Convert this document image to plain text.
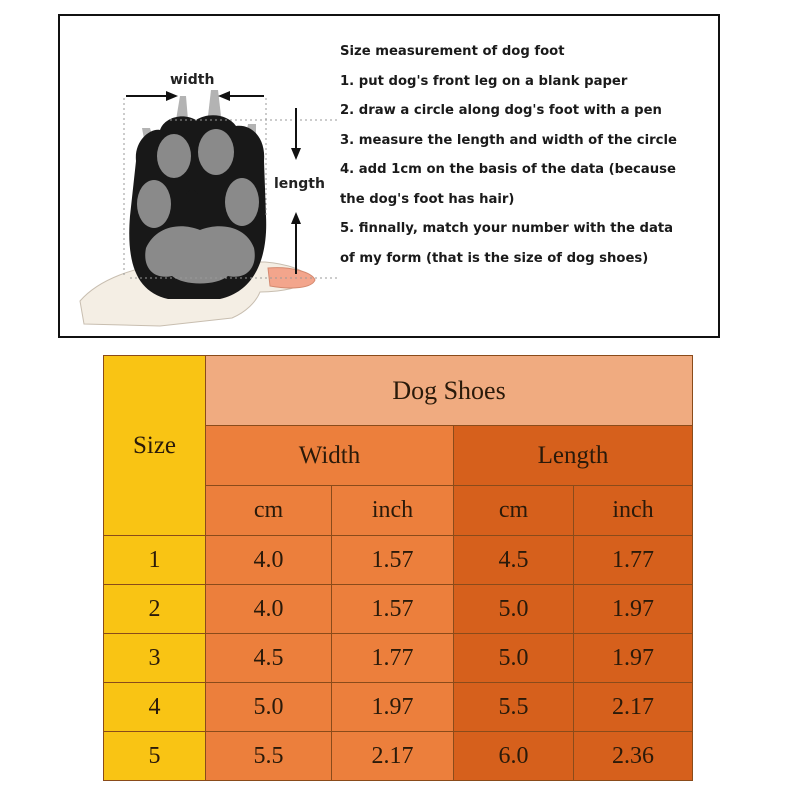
width
length
Size measurement of dog foot
1. put dog's front leg on a blank paper
2. draw a circle along dog's foot with a pen
3. measure the length and width of the circle
4. add 1cm on the basis of the data (because
the dog's foot has hair)
5. finnally, match your number with the data
of my form (that is the size of dog shoes)
Size	Dog Shoes			
	Width		Length	
	cm	inch	cm	inch
1	4.0	1.57	4.5	1.77
2	4.0	1.57	5.0	1.97
3	4.5	1.77	5.0	1.97
4	5.0	1.97	5.5	2.17
5	5.5	2.17	6.0	2.36
